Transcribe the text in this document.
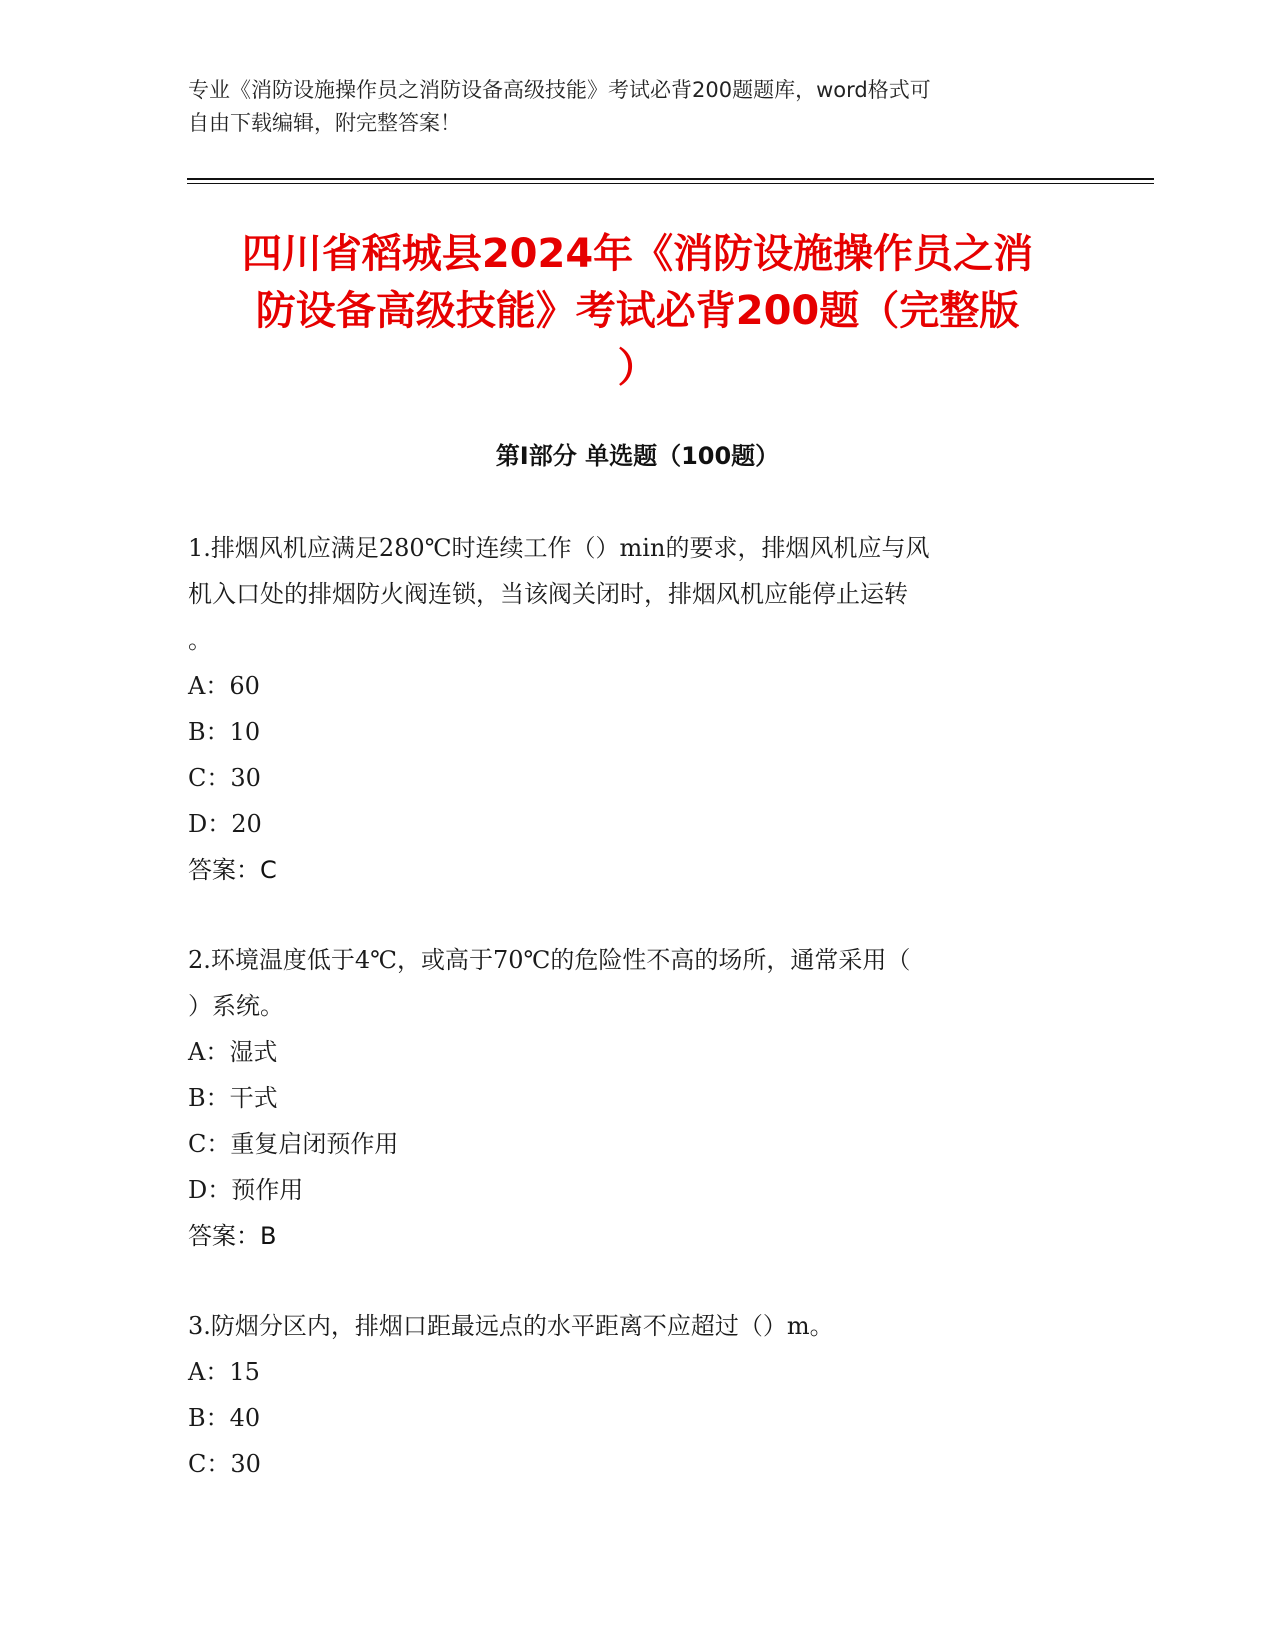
专业《消防设施操作员之消防设备高级技能》考试必背200题题库，word格式可
自由下载编辑，附完整答案！
四川省稻城县2024年《消防设施操作员之消
防设备高级技能》考试必背200题（完整版
）
第I部分 单选题（100题）
1.排烟风机应满足280℃时连续工作（）min的要求，排烟风机应与风
机入口处的排烟防火阀连锁，当该阀关闭时，排烟风机应能停止运转
。
A：60
B：10
C：30
D：20
答案：C
2.环境温度低于4℃，或高于70℃的危险性不高的场所，通常采用（
）系统。
A：湿式
B：干式
C：重复启闭预作用
D：预作用
答案：B
3.防烟分区内，排烟口距最远点的水平距离不应超过（）m。
A：15
B：40
C：30
